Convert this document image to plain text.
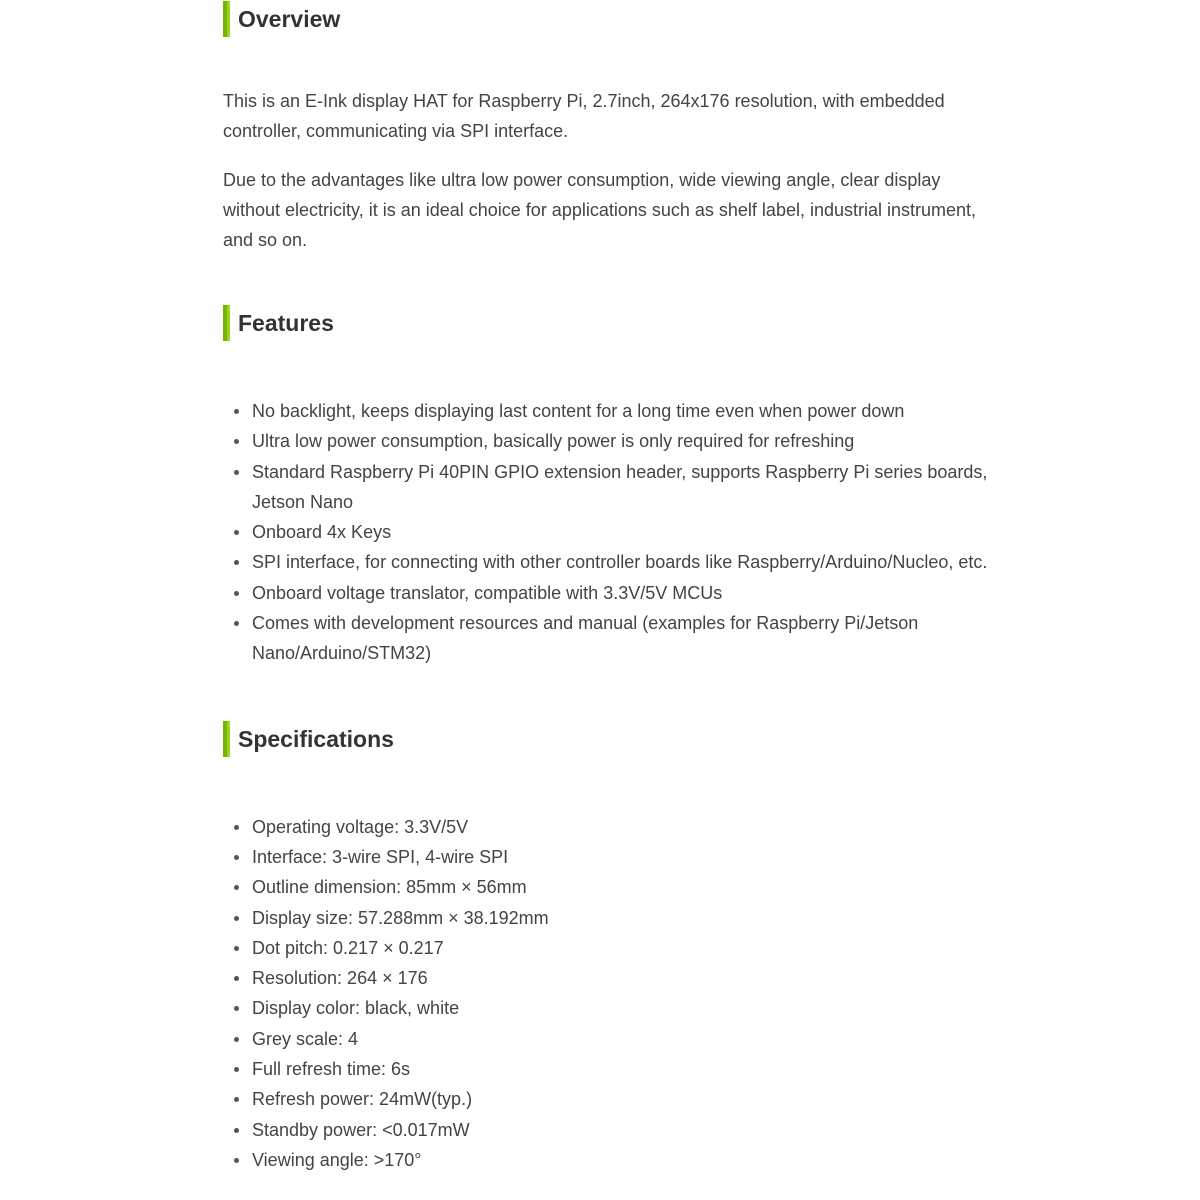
Overview

This is an E-Ink display HAT for Raspberry Pi, 2.7inch, 264x176 resolution, with embedded controller, communicating via SPI interface.

Due to the advantages like ultra low power consumption, wide viewing angle, clear display without electricity, it is an ideal choice for applications such as shelf label, industrial instrument, and so on.

Features
No backlight, keeps displaying last content for a long time even when power down
Ultra low power consumption, basically power is only required for refreshing
Standard Raspberry Pi 40PIN GPIO extension header, supports Raspberry Pi series boards, Jetson Nano
Onboard 4x Keys
SPI interface, for connecting with other controller boards like Raspberry/Arduino/Nucleo, etc.
Onboard voltage translator, compatible with 3.3V/5V MCUs
Comes with development resources and manual (examples for Raspberry Pi/Jetson Nano/Arduino/STM32)
Specifications
Operating voltage: 3.3V/5V
Interface: 3-wire SPI, 4-wire SPI
Outline dimension: 85mm × 56mm
Display size: 57.288mm × 38.192mm
Dot pitch: 0.217 × 0.217
Resolution: 264 × 176
Display color: black, white
Grey scale: 4
Full refresh time: 6s
Refresh power: 24mW(typ.)
Standby power: <0.017mW
Viewing angle: >170°
